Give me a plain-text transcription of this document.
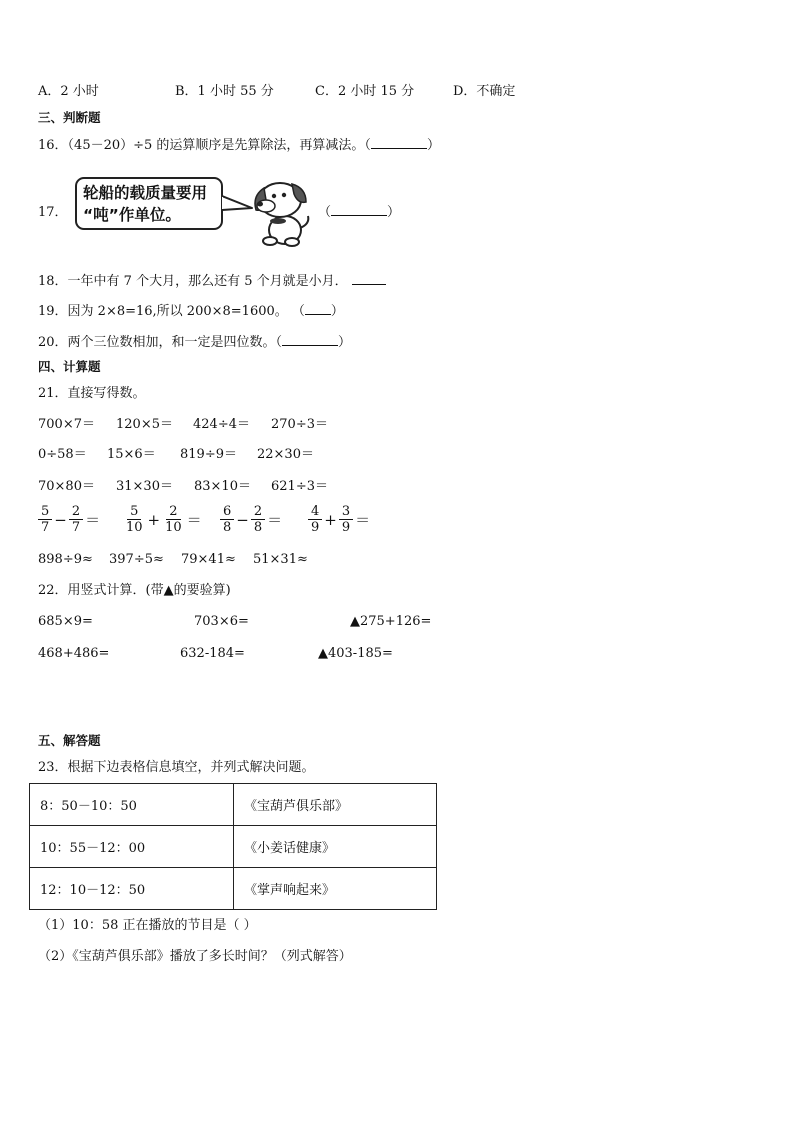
A．2 小时	B．1 小时 55 分	C．2 小时 15 分	D．不确定
三、判断题
16．（45－20）÷5 的运算顺序是先算除法，再算减法。（	）
17．
轮船的载质量要用
“吨”作单位。	（	）
18．一年中有 7 个大月，那么还有 5 个月就是小月．
19．因为 2×8=16,所以 200×8=1600。 （ ）
20．两个三位数相加，和一定是四位数。（	）
四、计算题
21．直接写得数。
700×7＝ 120×5＝ 424÷4＝ 270÷3＝
0÷58＝ 15×6＝ 819÷9＝ 22×30＝
70×80＝ 31×30＝ 83×10＝ 621÷3＝
$\frac{5}{7} - \frac{2}{7} = \frac{5}{10} + \frac{2}{10} = \frac{6}{8} - \frac{2}{8} = \frac{4}{9} + \frac{3}{9}$ ＝
898÷9≈ 397÷5≈ 79×41≈ 51×31≈
22．用竖式计算．(带▲的要验算)
685×9=	703×6=	▲275+126=
468+486=	632-184=	▲403-185=
五、解答题
23．根据下边表格信息填空，并列式解决问题。
8：50－10：50	《宝葫芦俱乐部》
10：55－12：00	《小姜话健康》
12：10－12：50	《掌声响起来》
（1）10：58 正在播放的节目是（ ）
（2）《宝葫芦俱乐部》播放了多长时间？（列式解答）
